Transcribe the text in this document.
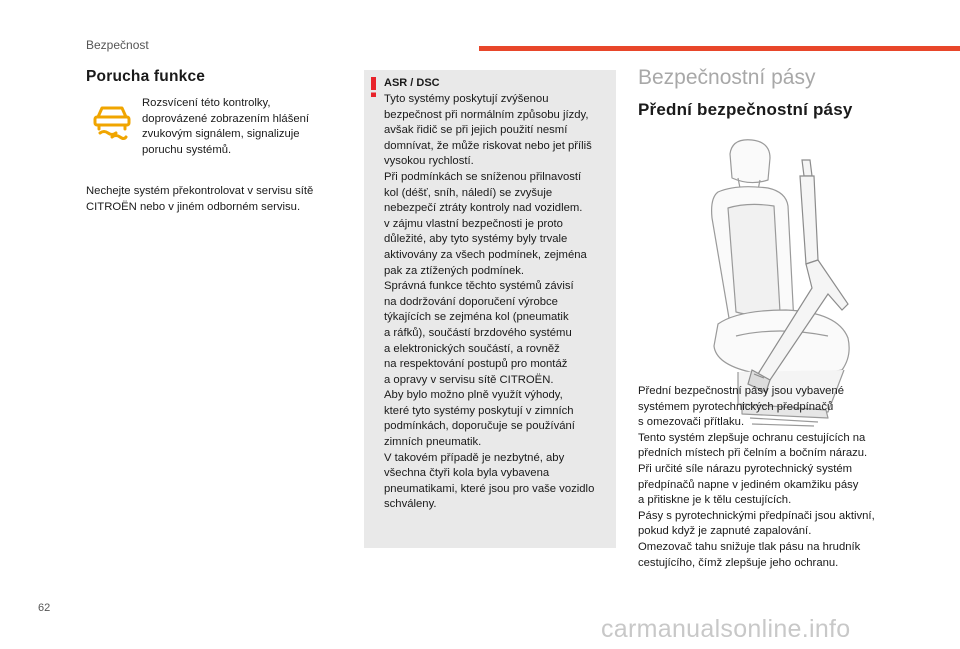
Bezpečnost
Porucha funkce
Rozsvícení této kontrolky, doprovázené zobrazením hlášení zvukovým signálem, signalizuje poruchu systémů.
Nechejte systém překontrolovat v servisu sítě CITROËN nebo v jiném odborném servisu.
ASR / DSC
Tyto systémy poskytují zvýšenou
bezpečnost při normálním způsobu jízdy,
avšak řidič se při jejich použití nesmí
domnívat, že může riskovat nebo jet příliš
vysokou rychlostí.
Při podmínkách se sníženou přilnavostí
kol (déšť, sníh, náledí) se zvyšuje
nebezpečí ztráty kontroly nad vozidlem.
v zájmu vlastní bezpečnosti je proto
důležité, aby tyto systémy byly trvale
aktivovány za všech podmínek, zejména
pak za ztížených podmínek.
Správná funkce těchto systémů závisí
na dodržování doporučení výrobce
týkajících se zejména kol (pneumatik
a ráfků), součástí brzdového systému
a elektronických součástí, a rovněž
na respektování postupů pro montáž
a opravy v servisu sítě CITROËN.
Aby bylo možno plně využít výhody,
které tyto systémy poskytují v zimních
podmínkách, doporučuje se používání
zimních pneumatik.
V takovém případě je nezbytné, aby
všechna čtyři kola byla vybavena
pneumatikami, které jsou pro vaše vozidlo
schváleny.
Bezpečnostní pásy
Přední bezpečnostní pásy
Přední bezpečnostní pásy jsou vybavené
systémem pyrotechnických předpínačů
s omezovači přítlaku.
Tento systém zlepšuje ochranu cestujících na
předních místech při čelním a bočním nárazu.
Při určité síle nárazu pyrotechnický systém
předpínačů napne v jediném okamžiku pásy
a přitiskne je k tělu cestujících.
Pásy s pyrotechnickými předpínači jsou aktivní,
pokud když je zapnuté zapalování.
Omezovač tahu snižuje tlak pásu na hrudník
cestujícího, čímž zlepšuje jeho ochranu.
62
carmanualsonline.info
